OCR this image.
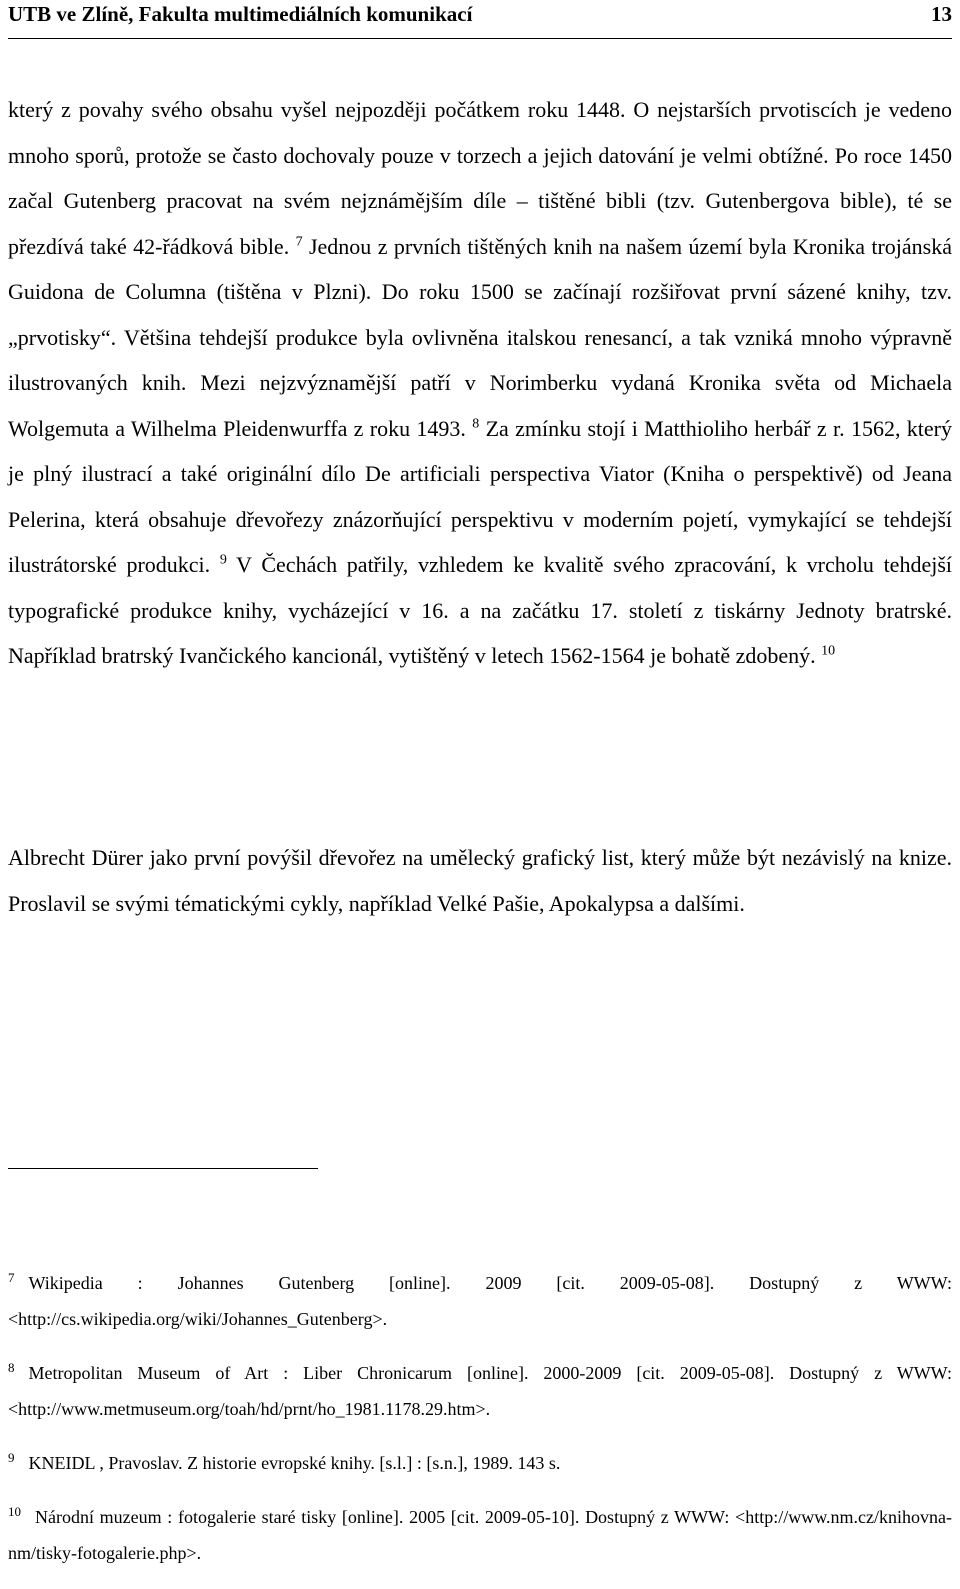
UTB ve Zlíně, Fakulta multimediálních komunikací	13
který z povahy svého obsahu vyšel nejpozději počátkem roku 1448. O nejstarších prvotiscích je vedeno mnoho sporů, protože se často dochovaly pouze v torzech a jejich datování je velmi obtížné. Po roce 1450 začal Gutenberg pracovat na svém nejznámějším díle – tištěné bibli (tzv. Gutenbergova bible), té se přezdívá také 42-řádková bible. $^7$ Jednou z prvních tištěných knih na našem území byla Kronika trojánská Guidona de Columna (tištěna v Plzni). Do roku 1500 se začínají rozšiřovat první sázené knihy, tzv. „prvotisky“. Většina tehdejší produkce byla ovlivněna italskou renesancí, a tak vzniká mnoho výpravně ilustrovaných knih. Mezi nejzvýznamější patří v Norimberku vydaná Kronika světa od Michaela Wolgemuta a Wilhelma Pleidenwurffa z roku 1493. $^8$ Za zmínku stojí i Matthioliho herbář z r. 1562, který je plný ilustrací a také originální dílo De artificiali perspectiva Viator (Kniha o perspektivě) od Jeana Pelerina, která obsahuje dřevořezy znázorňující perspektivu v moderním pojetí, vymykající se tehdejší ilustrátorské produkci. $^9$ V Čechách patřily, vzhledem ke kvalitě svého zpracování, k vrcholu tehdejší typografické produkce knihy, vycházející v 16. a na začátku 17. století z tiskárny Jednoty bratrské. Například bratrský Ivančického kancionál, vytištěný v letech 1562-1564 je bohatě zdobený. $^{10}$
Albrecht Dürer jako první povýšil dřevořez na umělecký grafický list, který může být nezávislý na knize. Proslavil se svými tématickými cykly, například Velké Pašie, Apokalypsa a dalšími.
$^7$ Wikipedia : Johannes Gutenberg [online]. 2009 [cit. 2009-05-08]. Dostupný z WWW: <http://cs.wikipedia.org/wiki/Johannes_Gutenberg>.
$^8$ Metropolitan Museum of Art : Liber Chronicarum [online]. 2000-2009 [cit. 2009-05-08]. Dostupný z WWW: <http://www.metmuseum.org/toah/hd/prnt/ho_1981.1178.29.htm>.
$^9$ KNEIDL , Pravoslav. Z historie evropské knihy. [s.l.] : [s.n.], 1989. 143 s.
$^{10}$ Národní muzeum : fotogalerie staré tisky [online]. 2005 [cit. 2009-05-10]. Dostupný z WWW: <http://www.nm.cz/knihovna-nm/tisky-fotogalerie.php>.
